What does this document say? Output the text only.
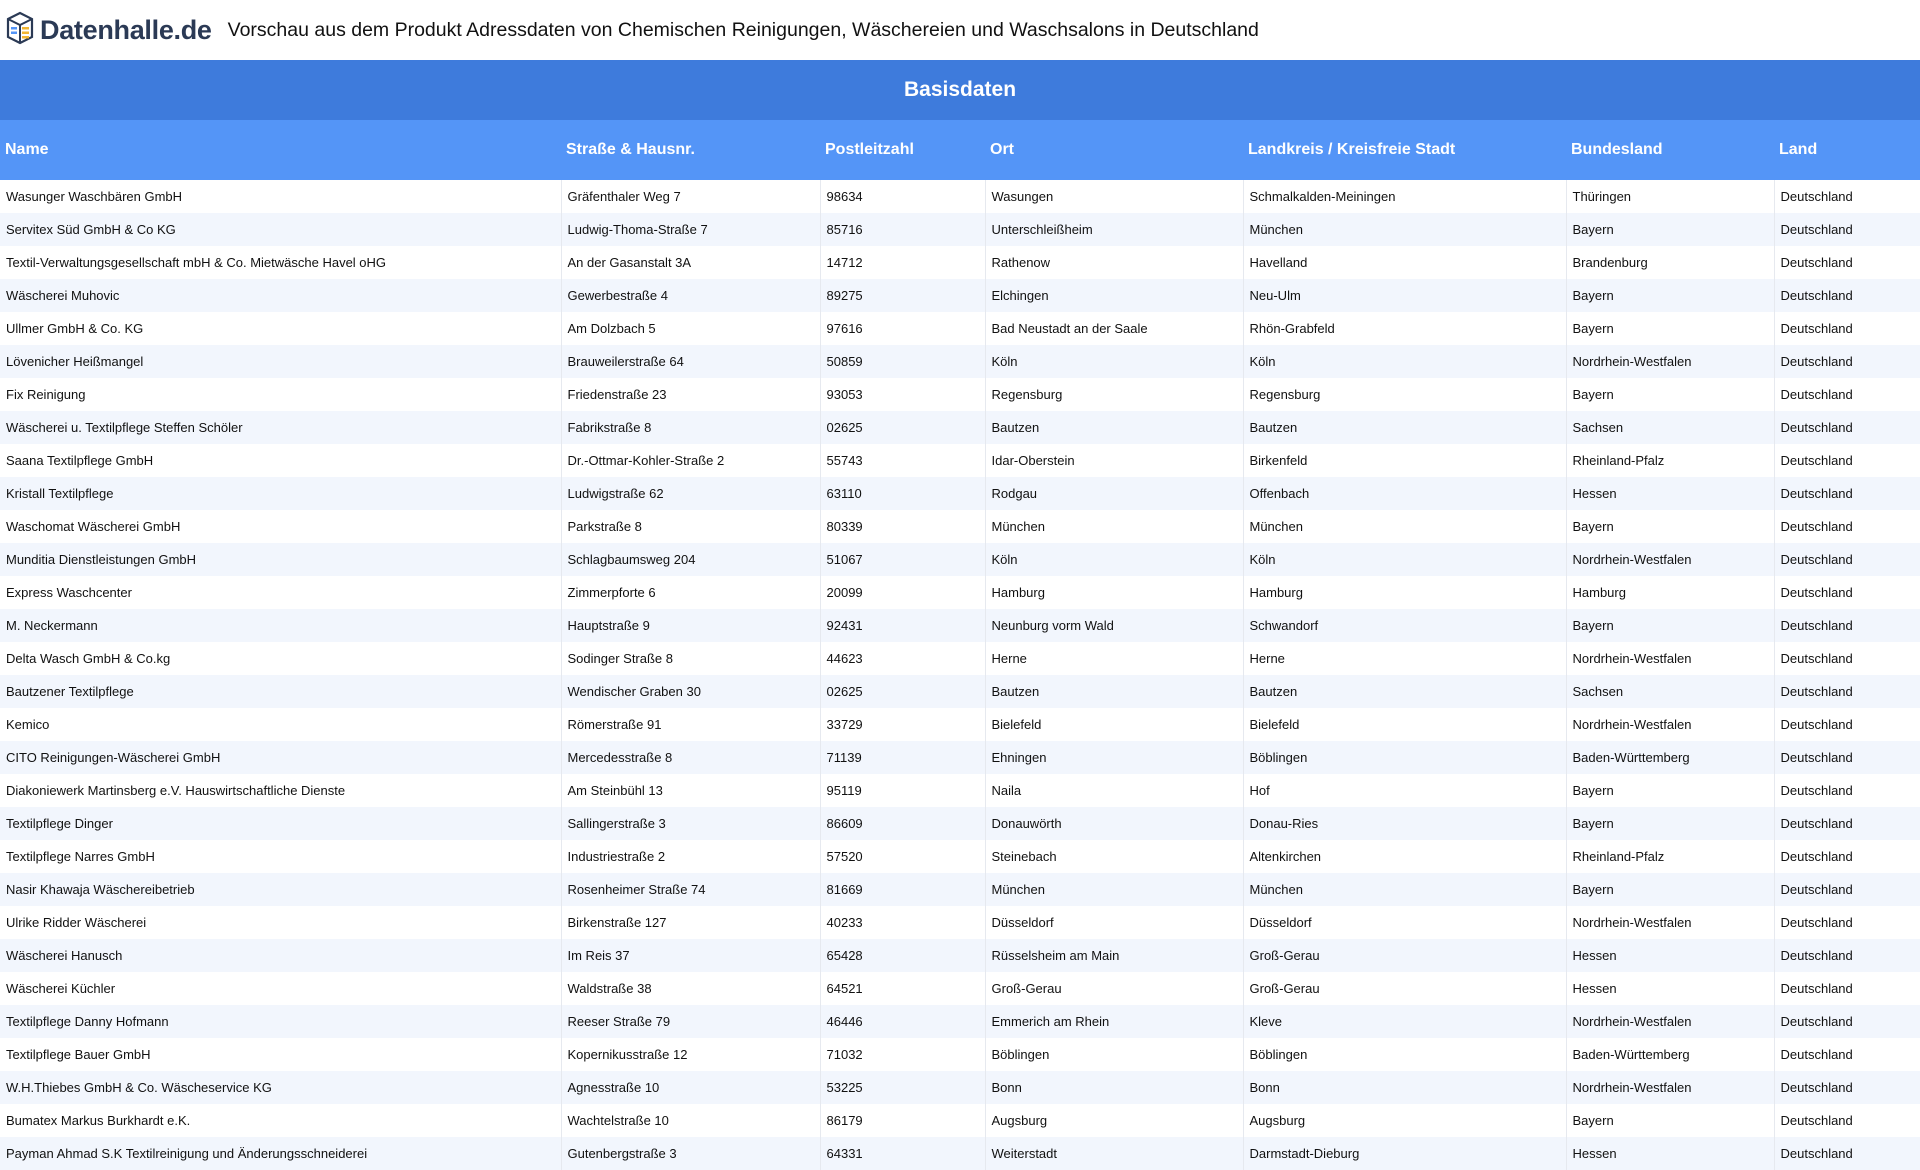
Datenhalle.de Vorschau aus dem Produkt Adressdaten von Chemischen Reinigungen, Wäschereien und Waschsalons in Deutschland
Basisdaten						
Name	Straße & Hausnr.	Postleitzahl	Ort	Landkreis / Kreisfreie Stadt	Bundesland	Land
Wasunger Waschbären GmbH	Gräfenthaler Weg 7	98634	Wasungen	Schmalkalden-Meiningen	Thüringen	Deutschland
Servitex Süd GmbH & Co KG	Ludwig-Thoma-Straße 7	85716	Unterschleißheim	München	Bayern	Deutschland
Textil-Verwaltungsgesellschaft mbH & Co. Mietwäsche Havel oHG	An der Gasanstalt 3A	14712	Rathenow	Havelland	Brandenburg	Deutschland
Wäscherei Muhovic	Gewerbestraße 4	89275	Elchingen	Neu-Ulm	Bayern	Deutschland
Ullmer GmbH & Co. KG	Am Dolzbach 5	97616	Bad Neustadt an der Saale	Rhön-Grabfeld	Bayern	Deutschland
Lövenicher Heißmangel	Brauweilerstraße 64	50859	Köln	Köln	Nordrhein-Westfalen	Deutschland
Fix Reinigung	Friedenstraße 23	93053	Regensburg	Regensburg	Bayern	Deutschland
Wäscherei u. Textilpflege Steffen Schöler	Fabrikstraße 8	02625	Bautzen	Bautzen	Sachsen	Deutschland
Saana Textilpflege GmbH	Dr.-Ottmar-Kohler-Straße 2	55743	Idar-Oberstein	Birkenfeld	Rheinland-Pfalz	Deutschland
Kristall Textilpflege	Ludwigstraße 62	63110	Rodgau	Offenbach	Hessen	Deutschland
Waschomat Wäscherei GmbH	Parkstraße 8	80339	München	München	Bayern	Deutschland
Munditia Dienstleistungen GmbH	Schlagbaumsweg 204	51067	Köln	Köln	Nordrhein-Westfalen	Deutschland
Express Waschcenter	Zimmerpforte 6	20099	Hamburg	Hamburg	Hamburg	Deutschland
M. Neckermann	Hauptstraße 9	92431	Neunburg vorm Wald	Schwandorf	Bayern	Deutschland
Delta Wasch GmbH & Co.kg	Sodinger Straße 8	44623	Herne	Herne	Nordrhein-Westfalen	Deutschland
Bautzener Textilpflege	Wendischer Graben 30	02625	Bautzen	Bautzen	Sachsen	Deutschland
Kemico	Römerstraße 91	33729	Bielefeld	Bielefeld	Nordrhein-Westfalen	Deutschland
CITO Reinigungen-Wäscherei GmbH	Mercedesstraße 8	71139	Ehningen	Böblingen	Baden-Württemberg	Deutschland
Diakoniewerk Martinsberg e.V. Hauswirtschaftliche Dienste	Am Steinbühl 13	95119	Naila	Hof	Bayern	Deutschland
Textilpflege Dinger	Sallingerstraße 3	86609	Donauwörth	Donau-Ries	Bayern	Deutschland
Textilpflege Narres GmbH	Industriestraße 2	57520	Steinebach	Altenkirchen	Rheinland-Pfalz	Deutschland
Nasir Khawaja Wäschereibetrieb	Rosenheimer Straße 74	81669	München	München	Bayern	Deutschland
Ulrike Ridder Wäscherei	Birkenstraße 127	40233	Düsseldorf	Düsseldorf	Nordrhein-Westfalen	Deutschland
Wäscherei Hanusch	Im Reis 37	65428	Rüsselsheim am Main	Groß-Gerau	Hessen	Deutschland
Wäscherei Küchler	Waldstraße 38	64521	Groß-Gerau	Groß-Gerau	Hessen	Deutschland
Textilpflege Danny Hofmann	Reeser Straße 79	46446	Emmerich am Rhein	Kleve	Nordrhein-Westfalen	Deutschland
Textilpflege Bauer GmbH	Kopernikusstraße 12	71032	Böblingen	Böblingen	Baden-Württemberg	Deutschland
W.H.Thiebes GmbH & Co. Wäscheservice KG	Agnesstraße 10	53225	Bonn	Bonn	Nordrhein-Westfalen	Deutschland
Bumatex Markus Burkhardt e.K.	Wachtelstraße 10	86179	Augsburg	Augsburg	Bayern	Deutschland
Payman Ahmad S.K Textilreinigung und Änderungsschneiderei	Gutenbergstraße 3	64331	Weiterstadt	Darmstadt-Dieburg	Hessen	Deutschland
